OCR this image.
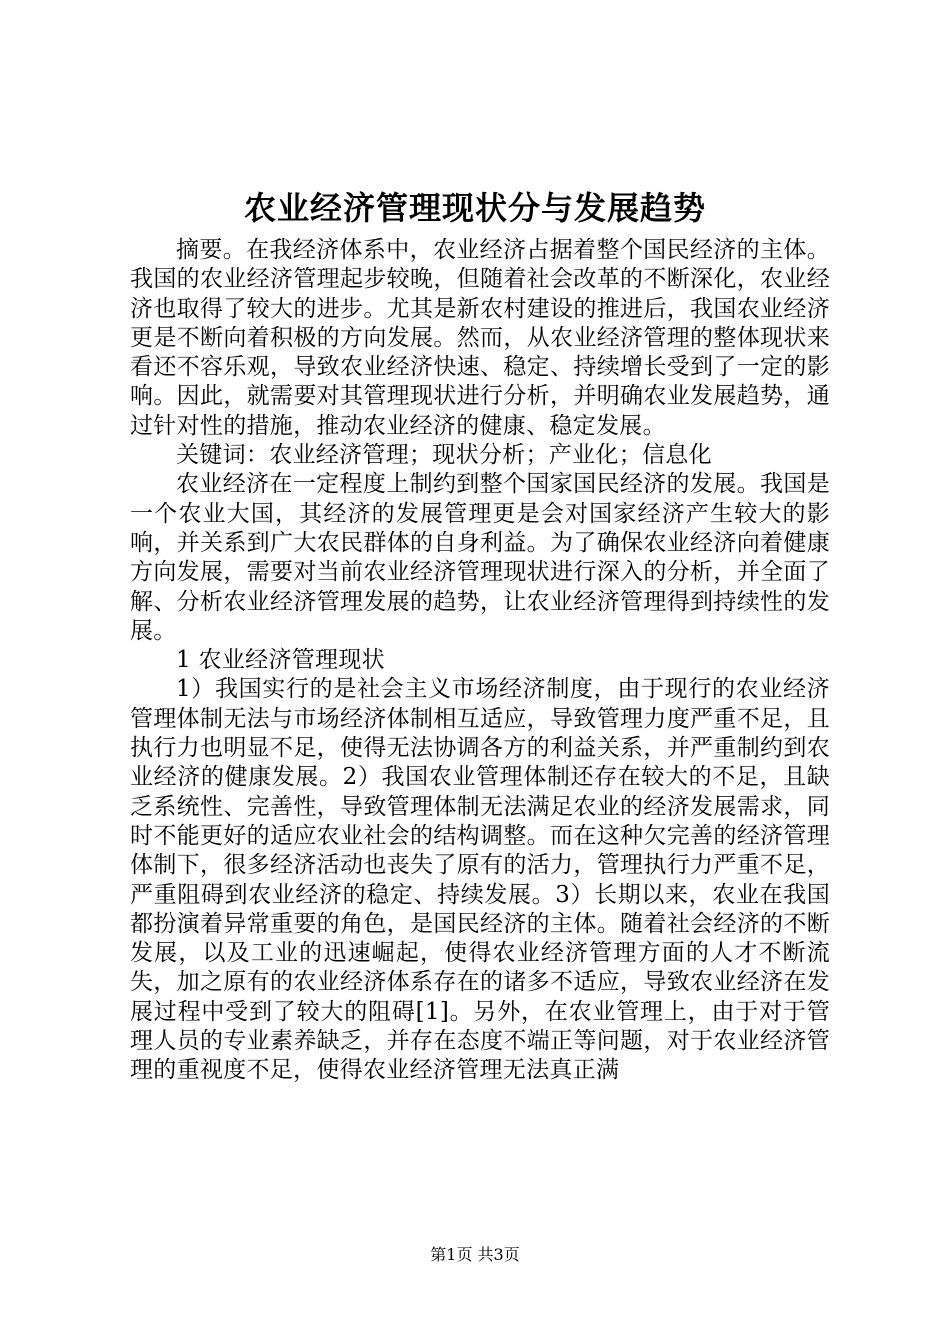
农业经济管理现状分与发展趋势

摘要。在我经济体系中，农业经济占据着整个国民经济的主体。我国的农业经济管理起步较晚，但随着社会改革的不断深化，农业经济也取得了较大的进步。尤其是新农村建设的推进后，我国农业经济更是不断向着积极的方向发展。然而，从农业经济管理的整体现状来看还不容乐观，导致农业经济快速、稳定、持续增长受到了一定的影响。因此，就需要对其管理现状进行分析，并明确农业发展趋势，通过针对性的措施，推动农业经济的健康、稳定发展。

关键词：农业经济管理；现状分析；产业化；信息化

农业经济在一定程度上制约到整个国家国民经济的发展。我国是一个农业大国，其经济的发展管理更是会对国家经济产生较大的影响，并关系到广大农民群体的自身利益。为了确保农业经济向着健康方向发展，需要对当前农业经济管理现状进行深入的分析，并全面了解、分析农业经济管理发展的趋势，让农业经济管理得到持续性的发展。

1 农业经济管理现状

1）我国实行的是社会主义市场经济制度，由于现行的农业经济管理体制无法与市场经济体制相互适应，导致管理力度严重不足，且执行力也明显不足，使得无法协调各方的利益关系，并严重制约到农业经济的健康发展。2）我国农业管理体制还存在较大的不足，且缺乏系统性、完善性，导致管理体制无法满足农业的经济发展需求，同时不能更好的适应农业社会的结构调整。而在这种欠完善的经济管理体制下，很多经济活动也丧失了原有的活力，管理执行力严重不足，严重阻碍到农业经济的稳定、持续发展。3）长期以来，农业在我国都扮演着异常重要的角色，是国民经济的主体。随着社会经济的不断发展，以及工业的迅速崛起，使得农业经济管理方面的人才不断流失，加之原有的农业经济体系存在的诸多不适应，导致农业经济在发展过程中受到了较大的阻碍[1]。另外，在农业管理上，由于对于管理人员的专业素养缺乏，并存在态度不端正等问题，对于农业经济管理的重视度不足，使得农业经济管理无法真正满

第1页 共3页
